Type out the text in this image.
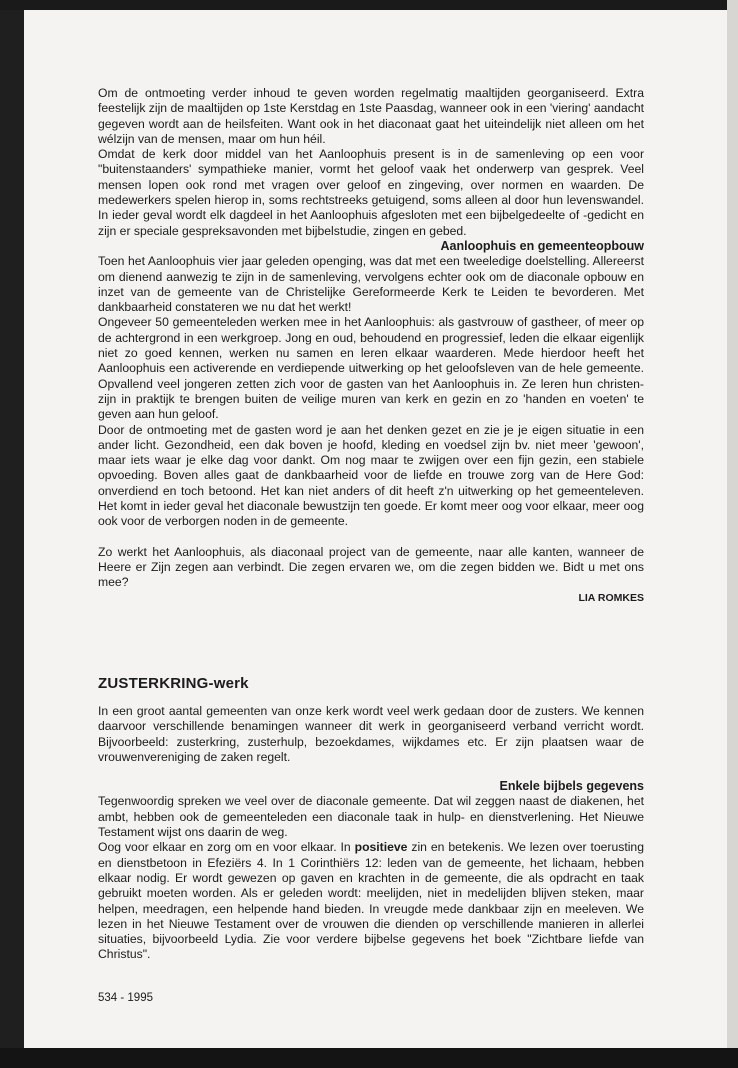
Om de ontmoeting verder inhoud te geven worden regelmatig maaltijden georganiseerd. Extra feestelijk zijn de maaltijden op 1ste Kerstdag en 1ste Paasdag, wanneer ook in een 'viering' aandacht gegeven wordt aan de heilsfeiten. Want ook in het diaconaat gaat het uiteindelijk niet alleen om het wélzijn van de mensen, maar om hun héil.

Omdat de kerk door middel van het Aanloophuis present is in de samenleving op een voor "buitenstaanders' sympathieke manier, vormt het geloof vaak het onderwerp van gesprek. Veel mensen lopen ook rond met vragen over geloof en zingeving, over normen en waarden. De medewerkers spelen hierop in, soms rechtstreeks getuigend, soms alleen al door hun levenswandel. In ieder geval wordt elk dagdeel in het Aanloophuis afgesloten met een bijbelgedeelte of -gedicht en zijn er speciale gespreksavonden met bijbelstudie, zingen en gebed.

Aanloophuis en gemeenteopbouw

Toen het Aanloophuis vier jaar geleden openging, was dat met een tweeledige doelstelling. Allereerst om dienend aanwezig te zijn in de samenleving, vervolgens echter ook om de diaconale opbouw en inzet van de gemeente van de Christelijke Gereformeerde Kerk te Leiden te bevorderen. Met dankbaarheid constateren we nu dat het werkt!

Ongeveer 50 gemeenteleden werken mee in het Aanloophuis: als gastvrouw of gastheer, of meer op de achtergrond in een werkgroep. Jong en oud, behoudend en progressief, leden die elkaar eigenlijk niet zo goed kennen, werken nu samen en leren elkaar waarderen. Mede hierdoor heeft het Aanloophuis een activerende en verdiepende uitwerking op het geloofsleven van de hele gemeente. Opvallend veel jongeren zetten zich voor de gasten van het Aanloophuis in. Ze leren hun christen-zijn in praktijk te brengen buiten de veilige muren van kerk en gezin en zo 'handen en voeten' te geven aan hun geloof.

Door de ontmoeting met de gasten word je aan het denken gezet en zie je je eigen situatie in een ander licht. Gezondheid, een dak boven je hoofd, kleding en voedsel zijn bv. niet meer 'gewoon', maar iets waar je elke dag voor dankt. Om nog maar te zwijgen over een fijn gezin, een stabiele opvoeding. Boven alles gaat de dankbaarheid voor de liefde en trouwe zorg van de Here God: onverdiend en toch betoond. Het kan niet anders of dit heeft z'n uitwerking op het gemeenteleven. Het komt in ieder geval het diaconale bewustzijn ten goede. Er komt meer oog voor elkaar, meer oog ook voor de verborgen noden in de gemeente.

Zo werkt het Aanloophuis, als diaconaal project van de gemeente, naar alle kanten, wanneer de Heere er Zijn zegen aan verbindt. Die zegen ervaren we, om die zegen bidden we. Bidt u met ons mee?

LIA ROMKES

ZUSTERKRING-werk

In een groot aantal gemeenten van onze kerk wordt veel werk gedaan door de zusters. We kennen daarvoor verschillende benamingen wanneer dit werk in georganiseerd verband verricht wordt. Bijvoorbeeld: zusterkring, zusterhulp, bezoekdames, wijkdames etc. Er zijn plaatsen waar de vrouwenvereniging de zaken regelt.

Enkele bijbels gegevens

Tegenwoordig spreken we veel over de diaconale gemeente. Dat wil zeggen naast de diakenen, het ambt, hebben ook de gemeenteleden een diaconale taak in hulp- en dienstverlening. Het Nieuwe Testament wijst ons daarin de weg.

Oog voor elkaar en zorg om en voor elkaar. In positieve zin en betekenis. We lezen over toerusting en dienstbetoon in Efeziërs 4. In 1 Corinthiërs 12: leden van de gemeente, het lichaam, hebben elkaar nodig. Er wordt gewezen op gaven en krachten in de gemeente, die als opdracht en taak gebruikt moeten worden. Als er geleden wordt: meelijden, niet in medelijden blijven steken, maar helpen, meedragen, een helpende hand bieden. In vreugde mede dankbaar zijn en meeleven. We lezen in het Nieuwe Testament over de vrouwen die dienden op verschillende manieren in allerlei situaties, bijvoorbeeld Lydia. Zie voor verdere bijbelse gegevens het boek "Zichtbare liefde van Christus".

534 - 1995
